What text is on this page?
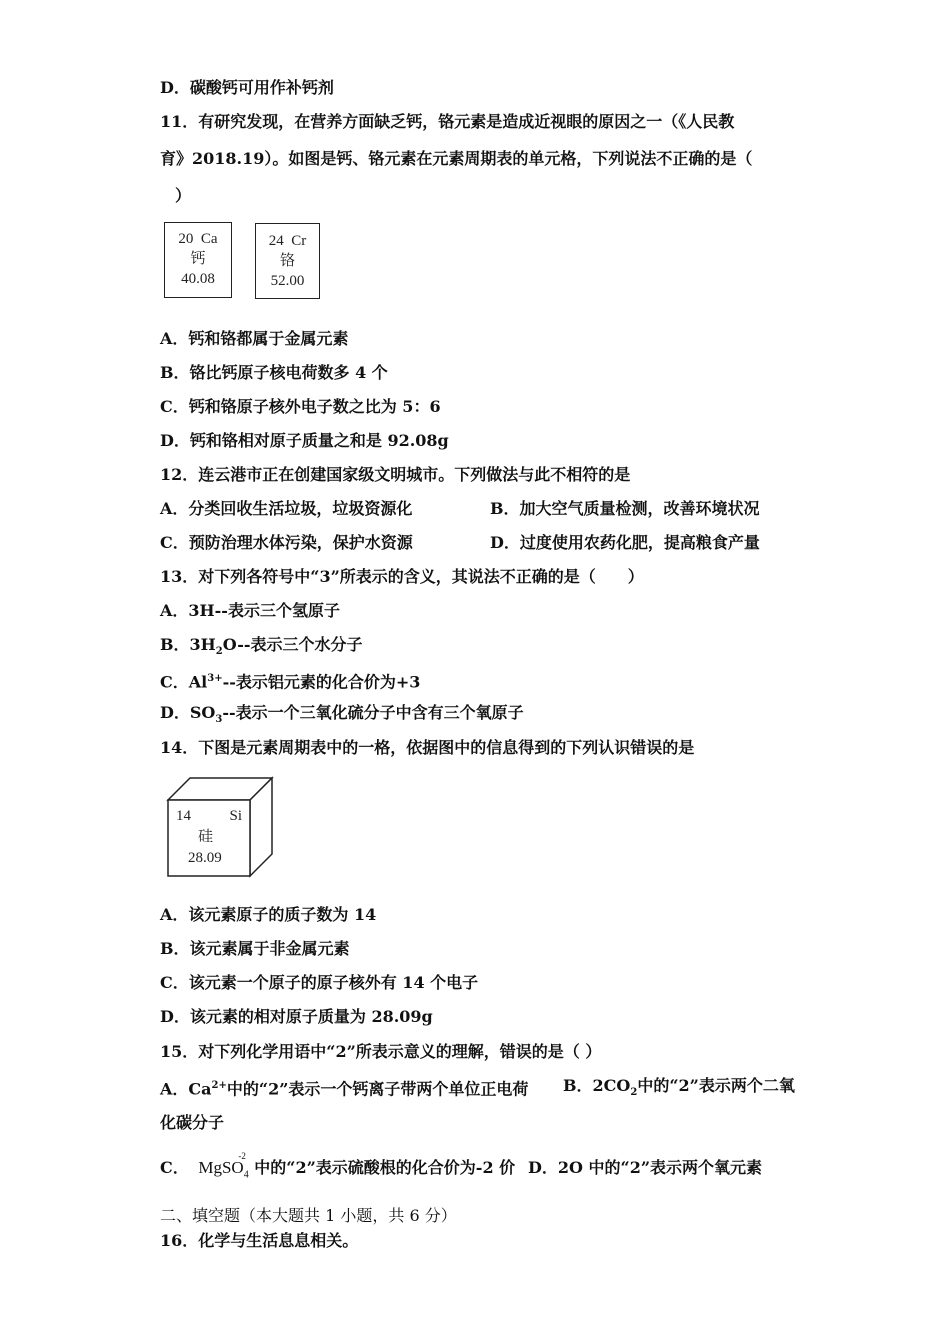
D．碳酸钙可用作补钙剂
11．有研究发现，在营养方面缺乏钙，铬元素是造成近视眼的原因之一（《人民教
育》2018.19）。如图是钙、铬元素在元素周期表的单元格，下列说法不正确的是（
）
20 Ca
钙
40.08
24 Cr
铬
52.00
A．钙和铬都属于金属元素
B．铬比钙原子核电荷数多 4 个
C．钙和铬原子核外电子数之比为 5：6
D．钙和铬相对原子质量之和是 92.08g
12．连云港市正在创建国家级文明城市。下列做法与此不相符的是
A．分类回收生活垃圾，垃圾资源化	B．加大空气质量检测，改善环境状况
C．预防治理水体污染，保护水资源	D．过度使用农药化肥，提高粮食产量
13．对下列各符号中“3”所表示的含义，其说法不正确的是（　　）
A．3H--表示三个氢原子
B．$3H_2O--$表示三个水分子
C．$Al^{3+}--$表示铝元素的化合价为+3
D．$SO_3--$表示一个三氧化硫分子中含有三个氧原子
14．下图是元素周期表中的一格，依据图中的信息得到的下列认识错误的是
14	Si
硅
28.09
A．该元素原子的质子数为 14
B．该元素属于非金属元素
C．该元素一个原子的原子核外有 14 个电子
D．该元素的相对原子质量为 28.09g
15．对下列化学用语中“2”所表示意义的理解，错误的是（ ）
A．$Ca^{2+}$中的“2”表示一个钙离子带两个单位正电荷 B．$2CO_2$中的“2”表示两个二氧
化碳分子
C． MgSO$_4$
-2
中的“2”表示硫酸根的化合价为-2 价 D．2O 中的“2”表示两个氧元素
二、填空题（本大题共 1 小题，共 6 分）
16．化学与生活息息相关。
